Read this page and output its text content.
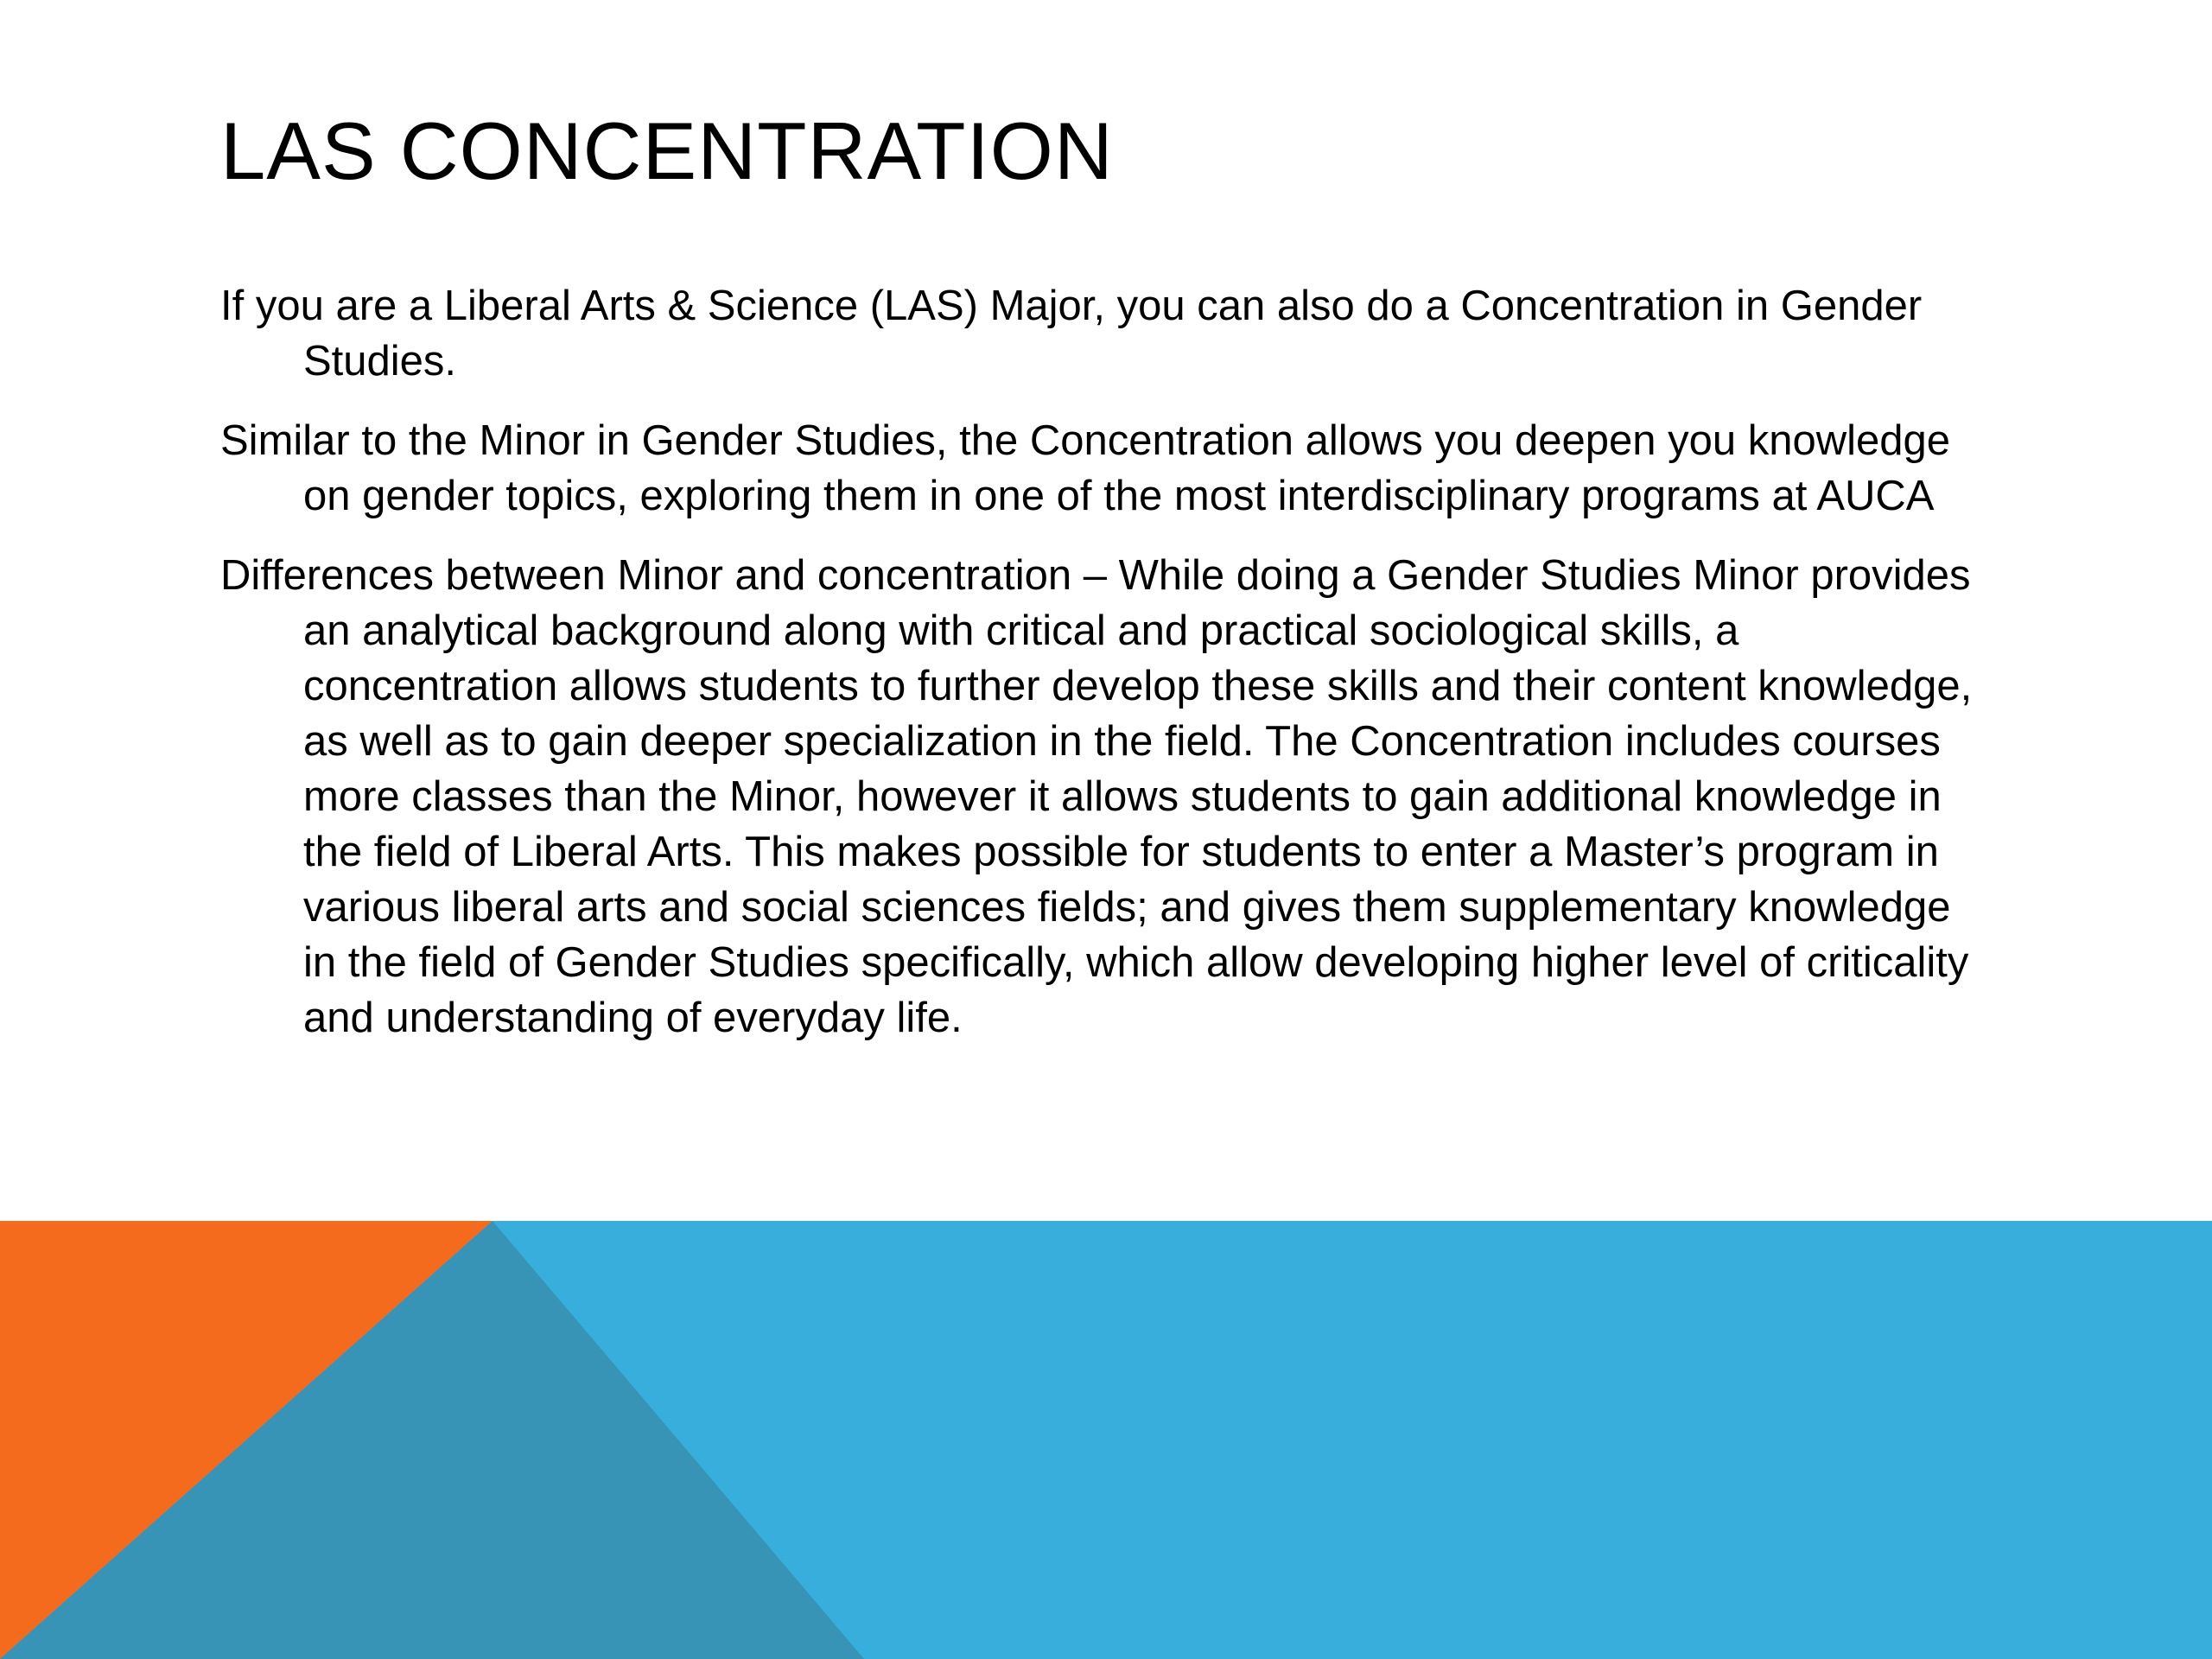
LAS CONCENTRATION

If you are a Liberal Arts & Science (LAS) Major, you can also do a Concentration in Gender Studies.

Similar to the Minor in Gender Studies, the Concentration allows you deepen you knowledge on gender topics, exploring them in one of the most interdisciplinary programs at AUCA

Differences between Minor and concentration – While doing a Gender Studies Minor provides an analytical background along with critical and practical sociological skills, a concentration allows students to further develop these skills and their content knowledge, as well as to gain deeper specialization in the field. The Concentration includes courses more classes than the Minor, however it allows students to gain additional knowledge in the field of Liberal Arts. This makes possible for students to enter a Master’s program in various liberal arts and social sciences fields; and gives them supplementary knowledge in the field of Gender Studies specifically, which allow developing higher level of criticality and understanding of everyday life.
